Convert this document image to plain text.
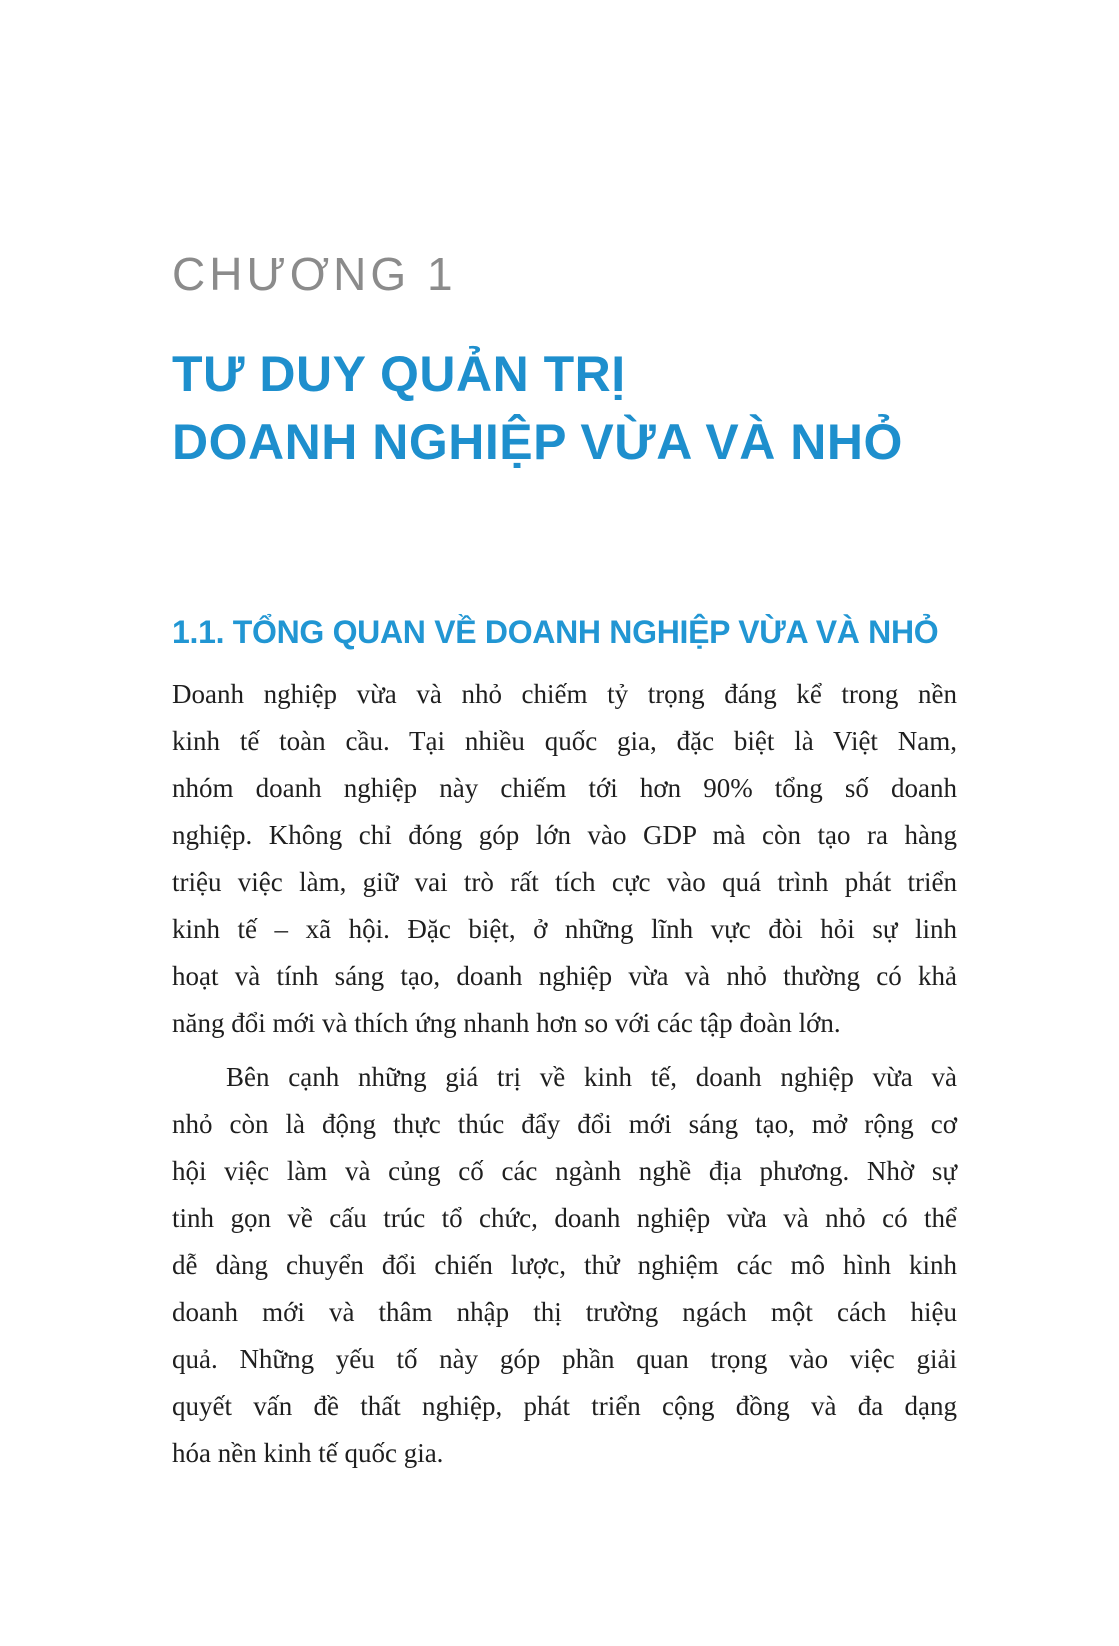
CHƯƠNG 1
TƯ DUY QUẢN TRỊ
DOANH NGHIỆP VỪA VÀ NHỎ
1.1. TỔNG QUAN VỀ DOANH NGHIỆP VỪA VÀ NHỎ
Doanh nghiệp vừa và nhỏ chiếm tỷ trọng đáng kể trong nền
kinh tế toàn cầu. Tại nhiều quốc gia, đặc biệt là Việt Nam,
nhóm doanh nghiệp này chiếm tới hơn 90% tổng số doanh
nghiệp. Không chỉ đóng góp lớn vào GDP mà còn tạo ra hàng
triệu việc làm, giữ vai trò rất tích cực vào quá trình phát triển
kinh tế – xã hội. Đặc biệt, ở những lĩnh vực đòi hỏi sự linh
hoạt và tính sáng tạo, doanh nghiệp vừa và nhỏ thường có khả
năng đổi mới và thích ứng nhanh hơn so với các tập đoàn lớn.
Bên cạnh những giá trị về kinh tế, doanh nghiệp vừa và
nhỏ còn là động thực thúc đẩy đổi mới sáng tạo, mở rộng cơ
hội việc làm và củng cố các ngành nghề địa phương. Nhờ sự
tinh gọn về cấu trúc tổ chức, doanh nghiệp vừa và nhỏ có thể
dễ dàng chuyển đổi chiến lược, thử nghiệm các mô hình kinh
doanh mới và thâm nhập thị trường ngách một cách hiệu
quả. Những yếu tố này góp phần quan trọng vào việc giải
quyết vấn đề thất nghiệp, phát triển cộng đồng và đa dạng
hóa nền kinh tế quốc gia.
